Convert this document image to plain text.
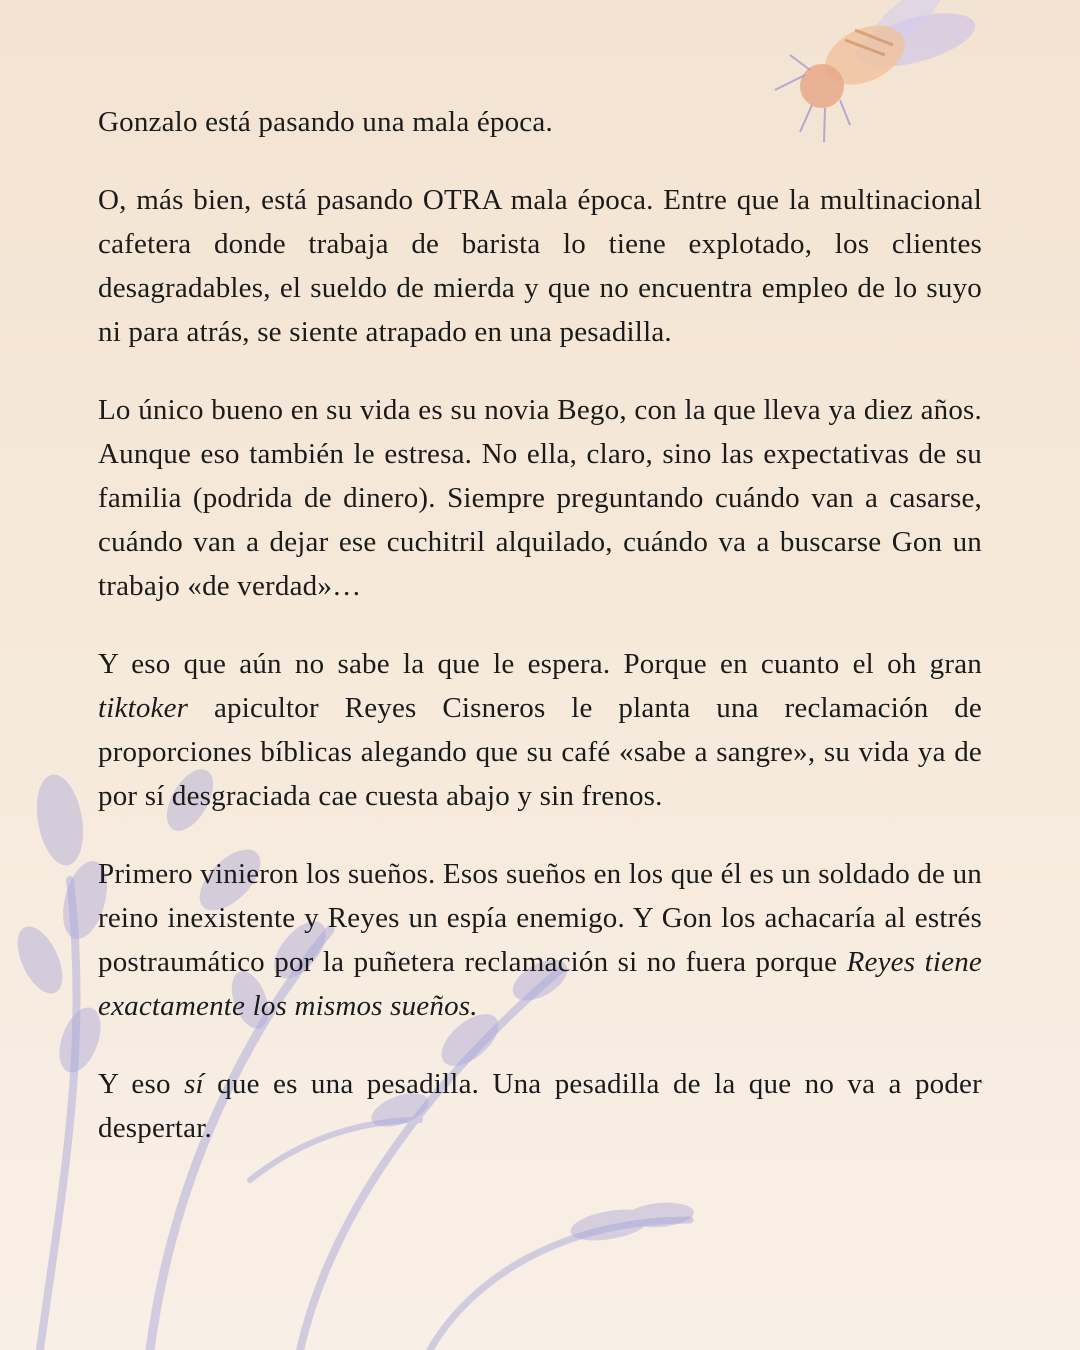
Gonzalo está pasando una mala época.

O, más bien, está pasando OTRA mala época. Entre que la multinacional cafetera donde trabaja de barista lo tiene explotado, los clientes desagradables, el sueldo de mierda y que no encuentra empleo de lo suyo ni para atrás, se siente atrapado en una pesadilla.

Lo único bueno en su vida es su novia Bego, con la que lleva ya diez años. Aunque eso también le estresa. No ella, claro, sino las expectativas de su familia (podrida de dinero). Siempre preguntando cuándo van a casarse, cuándo van a dejar ese cuchitril alquilado, cuándo va a buscarse Gon un trabajo «de verdad»…

Y eso que aún no sabe la que le espera. Porque en cuanto el oh gran tiktoker apicultor Reyes Cisneros le planta una reclamación de proporciones bíblicas alegando que su café «sabe a sangre», su vida ya de por sí desgraciada cae cuesta abajo y sin frenos.

Primero vinieron los sueños. Esos sueños en los que él es un soldado de un reino inexistente y Reyes un espía enemigo. Y Gon los achacaría al estrés postraumático por la puñetera reclamación si no fuera porque Reyes tiene exactamente los mismos sueños.

Y eso sí que es una pesadilla. Una pesadilla de la que no va a poder despertar.
